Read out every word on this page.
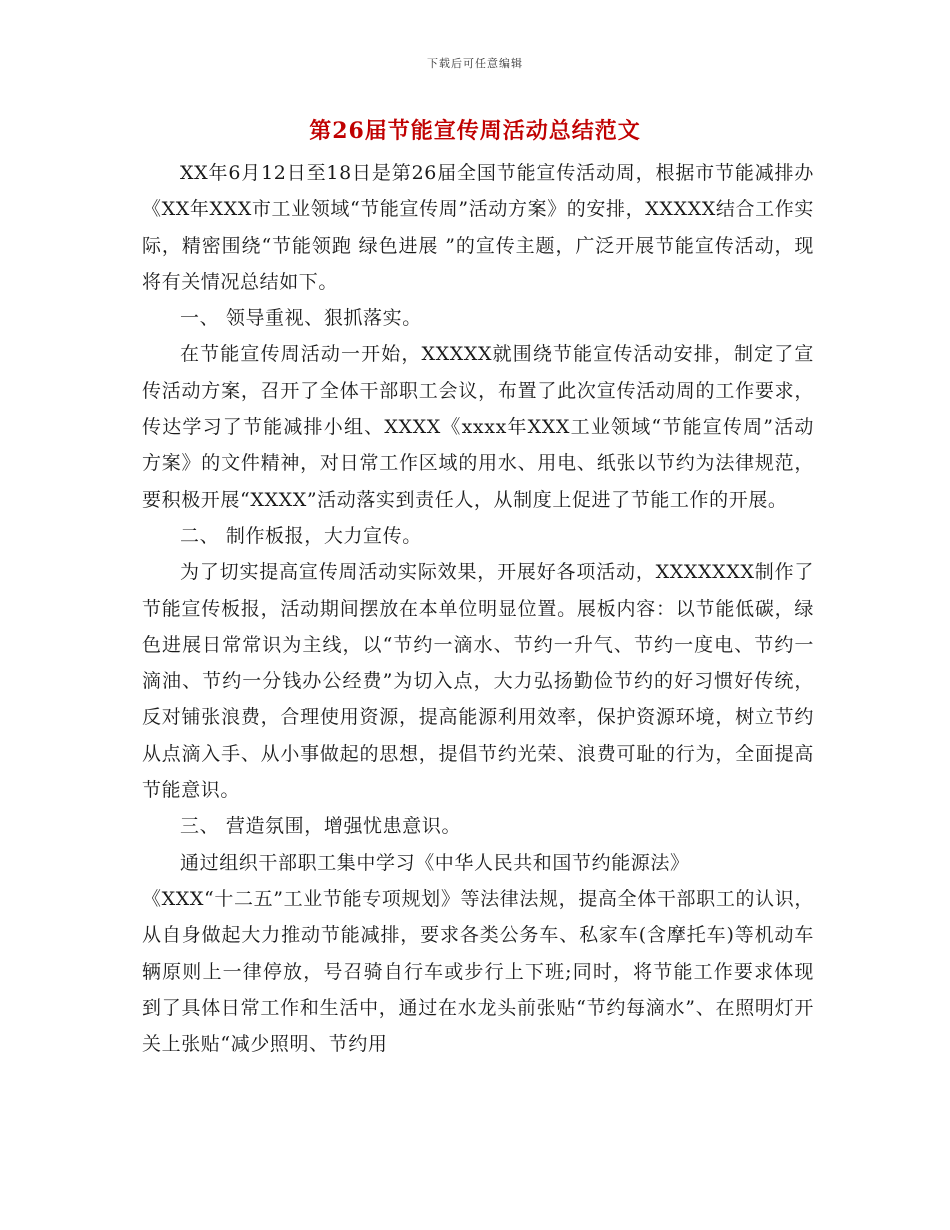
下载后可任意编辑
第26届节能宣传周活动总结范文

XX年6月12日至18日是第26届全国节能宣传活动周，根据市节能减排办《XX年XXX市工业领域“节能宣传周”活动方案》的安排，XXXXX结合工作实际，精密围绕“节能领跑 绿色进展 ”的宣传主题，广泛开展节能宣传活动，现将有关情况总结如下。

一、 领导重视、狠抓落实。

在节能宣传周活动一开始，XXXXX就围绕节能宣传活动安排，制定了宣传活动方案，召开了全体干部职工会议，布置了此次宣传活动周的工作要求，传达学习了节能减排小组、XXXX《xxxx年XXX工业领域“节能宣传周”活动方案》的文件精神，对日常工作区域的用水、用电、纸张以节约为法律规范，要积极开展“XXXX”活动落实到责任人，从制度上促进了节能工作的开展。

二、 制作板报，大力宣传。

为了切实提高宣传周活动实际效果，开展好各项活动，XXXXXXX制作了节能宣传板报，活动期间摆放在本单位明显位置。展板内容：以节能低碳，绿色进展日常常识为主线，以“节约一滴水、节约一升气、节约一度电、节约一滴油、节约一分钱办公经费”为切入点，大力弘扬勤俭节约的好习惯好传统，反对铺张浪费，合理使用资源，提高能源利用效率，保护资源环境，树立节约从点滴入手、从小事做起的思想，提倡节约光荣、浪费可耻的行为，全面提高节能意识。

三、 营造氛围，增强忧患意识。

通过组织干部职工集中学习《中华人民共和国节约能源法》

《XXX“十二五”工业节能专项规划》等法律法规，提高全体干部职工的认识，从自身做起大力推动节能减排，要求各类公务车、私家车(含摩托车)等机动车辆原则上一律停放，号召骑自行车或步行上下班;同时，将节能工作要求体现到了具体日常工作和生活中，通过在水龙头前张贴“节约每滴水”、在照明灯开关上张贴“减少照明、节约用
